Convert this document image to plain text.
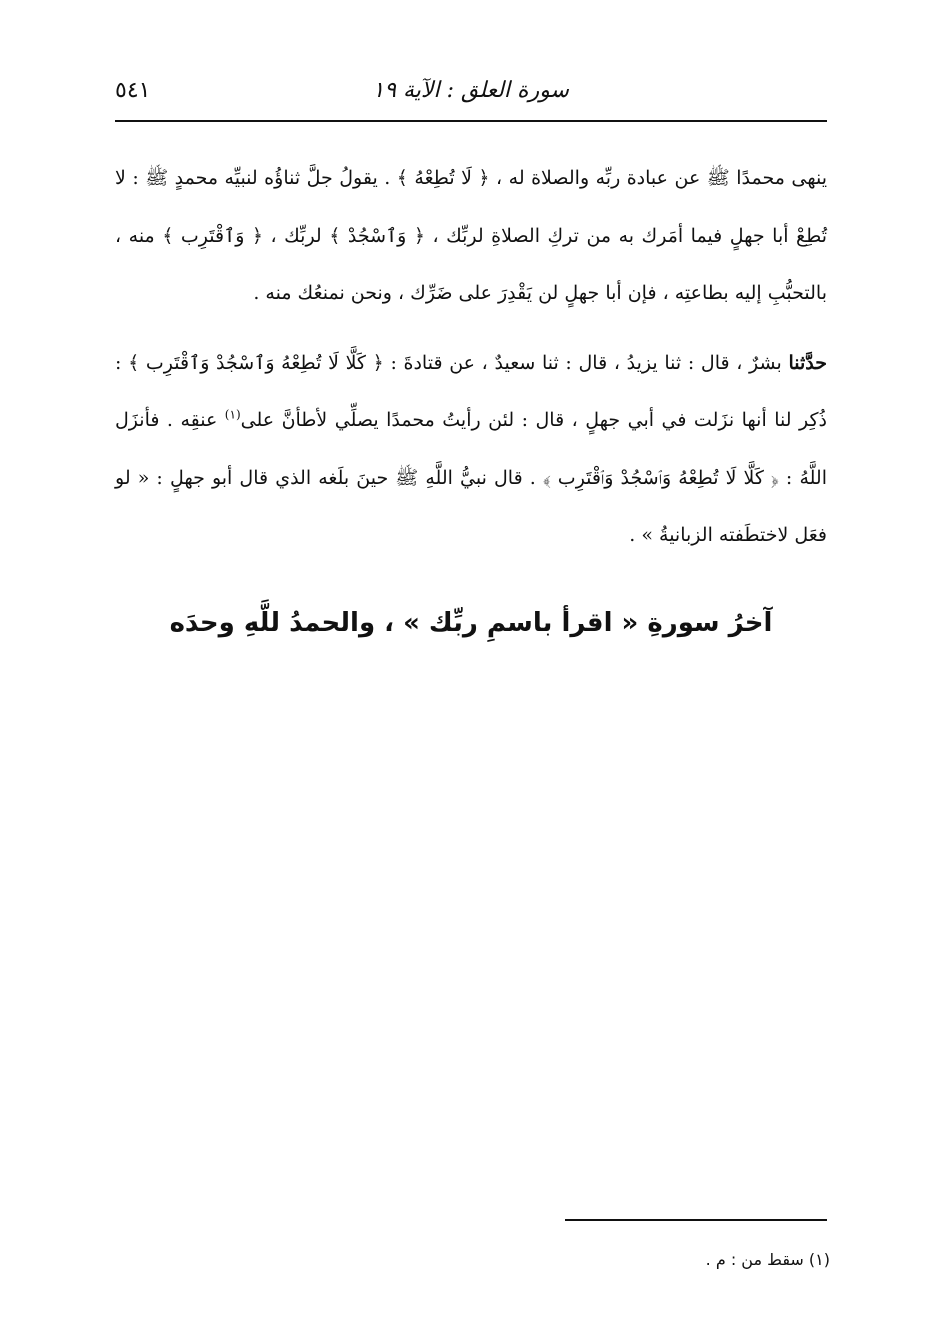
سورة العلق : الآية ١٩
٥٤١

ينهى محمدًا ﷺ عن عبادة ربِّه والصلاة له ، ﴿ لَا تُطِعْهُ ﴾ . يقولُ جلَّ ثناؤُه لنبيِّه محمدٍ ﷺ : لا تُطِعْ أبا جهلٍ فيما أمَرك به من تركِ الصلاةِ لربِّك ، ﴿ وَٱسْجُدْ ﴾ لربِّك ، ﴿ وَٱقْتَرِب ﴾ منه ، بالتحبُّبِ إليه بطاعتِه ، فإن أبا جهلٍ لن يَقْدِرَ على ضَرِّك ، ونحن نمنعُك منه .

حدَّثنا بشرٌ ، قال : ثنا يزيدُ ، قال : ثنا سعيدٌ ، عن قتادةَ : ﴿ كَلَّا لَا تُطِعْهُ وَٱسْجُدْ وَٱقْتَرِب ﴾ : ذُكِر لنا أنها نزَلت في أبي جهلٍ ، قال : لئن رأيتُ محمدًا يصلِّي لأطأنَّ على$^{(١)}$ عنقِه . فأنزَل اللَّهُ : ﴿ كَلَّا لَا تُطِعْهُ وَٱسْجُدْ وَٱقْتَرِب ﴾ . قال نبيُّ اللَّهِ ﷺ حينَ بلَغه الذي قال أبو جهلٍ : « لو فعَل لاختطَفته الزبانيةُ » .

آخرُ سورةِ « اقرأ باسمِ ربِّك » ، والحمدُ للَّهِ وحدَه
(١) سقط من : م .
